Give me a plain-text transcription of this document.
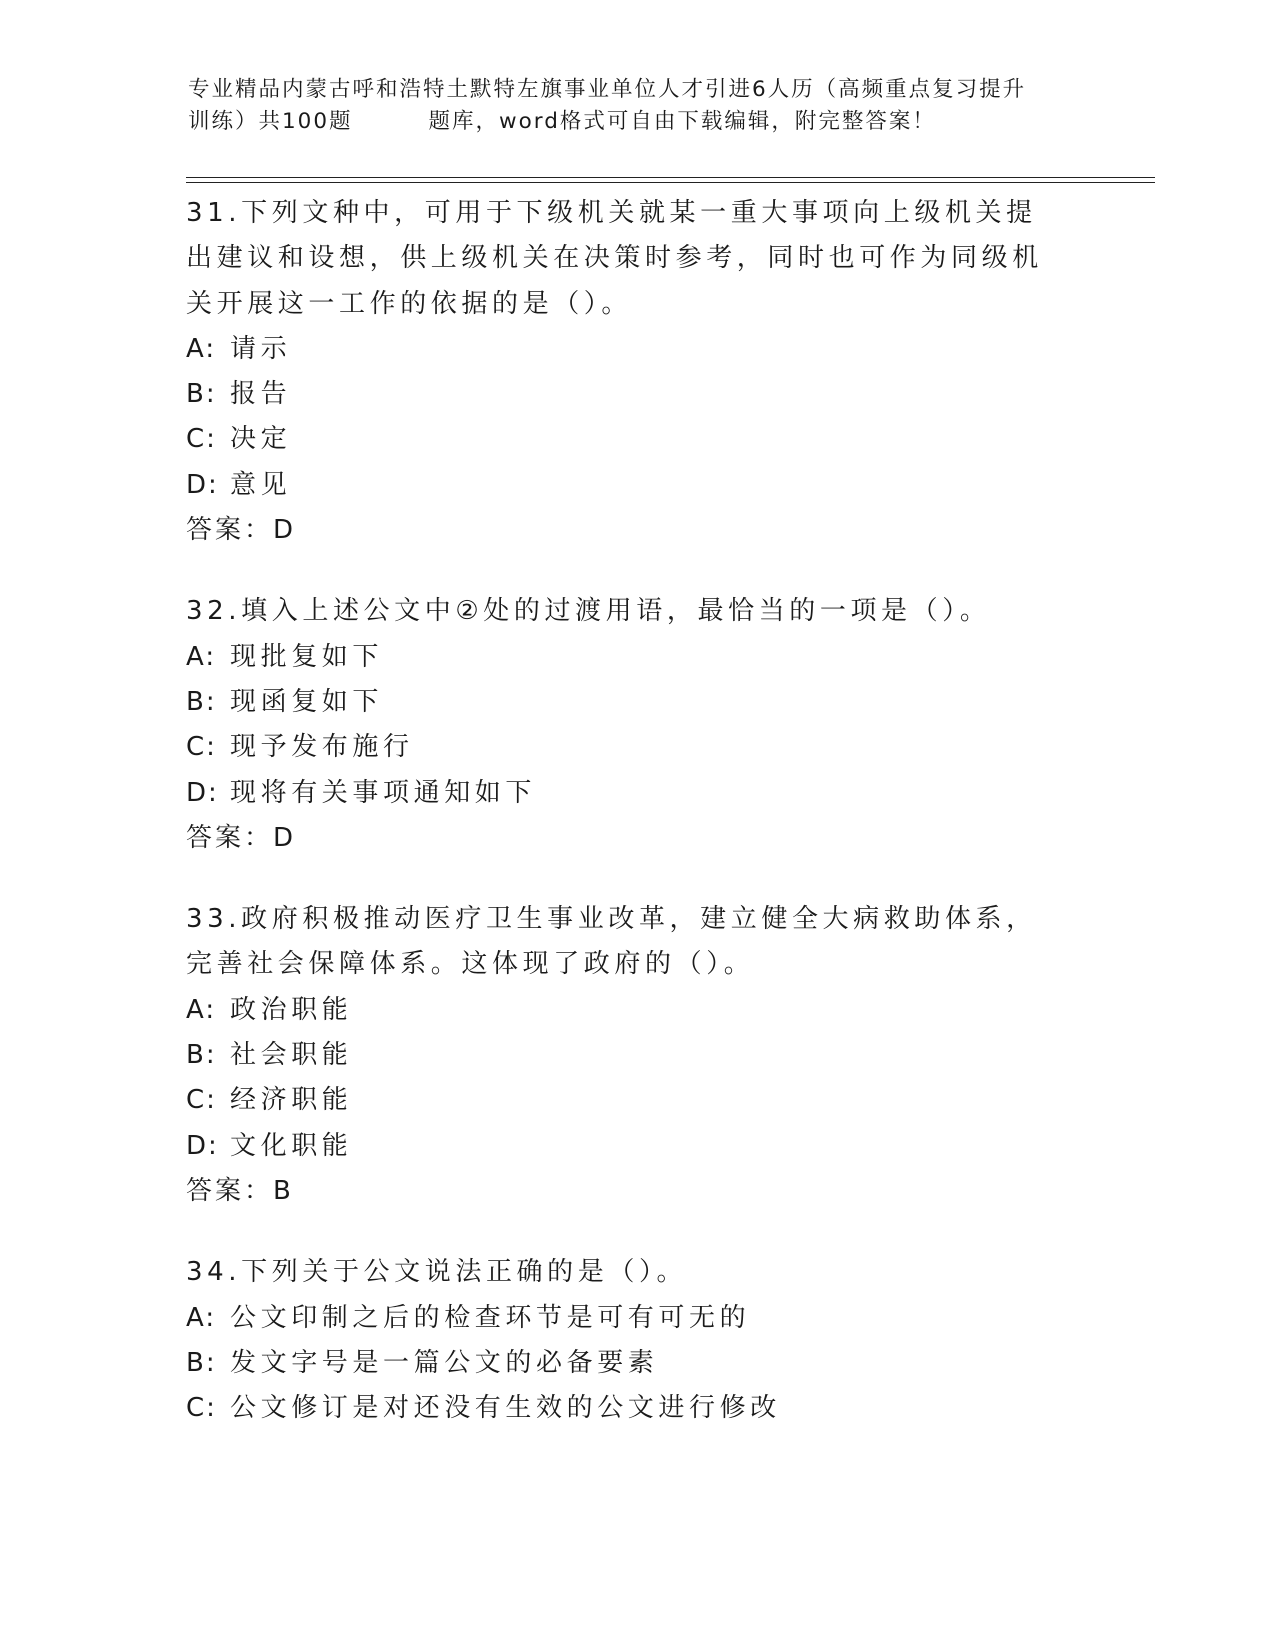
专业精品内蒙古呼和浩特土默特左旗事业单位人才引进6人历（高频重点复习提升
训练）共100题	题库，word格式可自由下载编辑，附完整答案！
31.下列文种中，可用于下级机关就某一重大事项向上级机关提出建议和设想，供上级机关在决策时参考，同时也可作为同级机关开展这一工作的依据的是（）。
A: 请示
B: 报告
C: 决定
D: 意见
答案：D
32.填入上述公文中②处的过渡用语，最恰当的一项是（）。
A: 现批复如下
B: 现函复如下
C: 现予发布施行
D: 现将有关事项通知如下
答案：D
33.政府积极推动医疗卫生事业改革，建立健全大病救助体系，完善社会保障体系。这体现了政府的（）。
A: 政治职能
B: 社会职能
C: 经济职能
D: 文化职能
答案：B
34.下列关于公文说法正确的是（）。
A: 公文印制之后的检查环节是可有可无的
B: 发文字号是一篇公文的必备要素
C: 公文修订是对还没有生效的公文进行修改
